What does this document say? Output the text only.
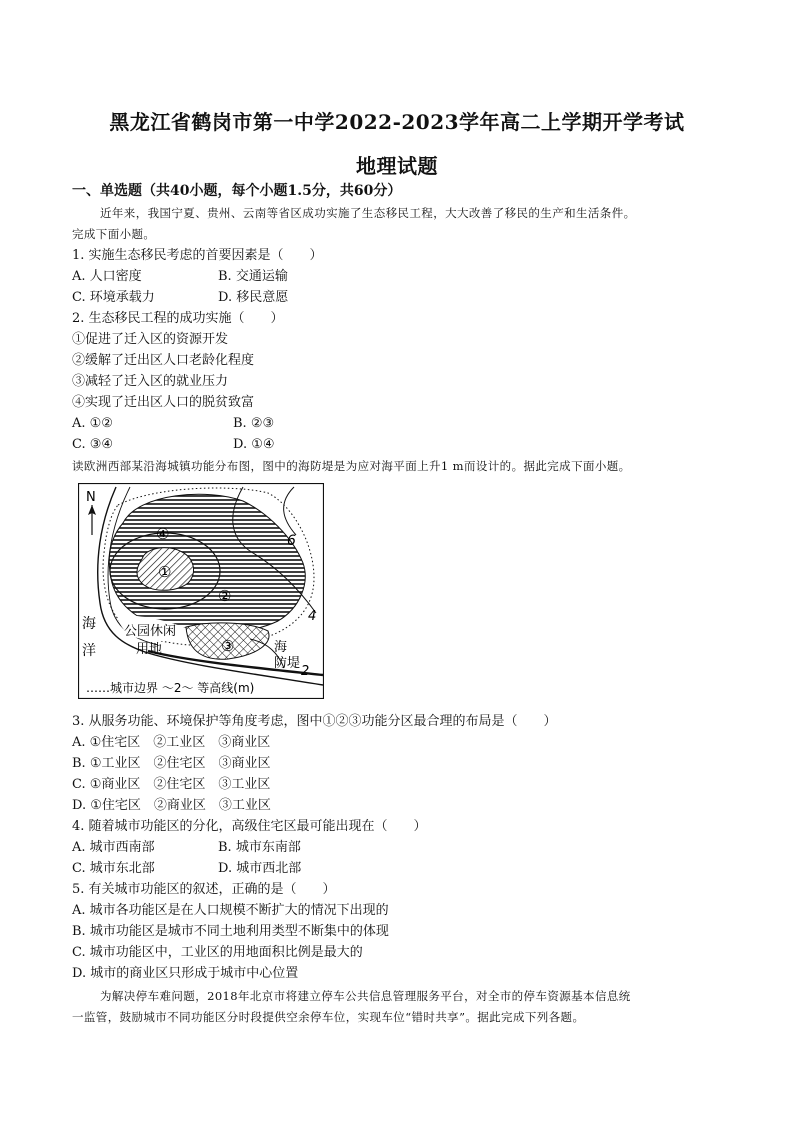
黑龙江省鹤岗市第一中学2022-2023学年高二上学期开学考试
地理试题
一、单选题（共40小题，每个小题1.5分，共60分）
近年来，我国宁夏、贵州、云南等省区成功实施了生态移民工程，大大改善了移民的生产和生活条件。
完成下面小题。
1. 实施生态移民考虑的首要因素是（　　）
A. 人口密度	B. 交通运输
C. 环境承载力	D. 移民意愿
2. 生态移民工程的成功实施（　　）
①促进了迁入区的资源开发
②缓解了迁出区人口老龄化程度
③减轻了迁入区的就业压力
④实现了迁出区人口的脱贫致富
A. ①②	B. ②③
C. ③④	D. ①④
读欧洲西部某沿海城镇功能分布图，图中的海防堤是为应对海平面上升1 m而设计的。据此完成下面小题。
N
④
①
②
③
6
4
2
海
洋
公园休闲
用地	海
防堤
……城市边界 ～2～ 等高线(m)
3. 从服务功能、环境保护等角度考虑，图中①②③功能分区最合理的布局是（　　）
A. ①住宅区　②工业区　③商业区
B. ①工业区　②住宅区　③商业区
C. ①商业区　②住宅区　③工业区
D. ①住宅区　②商业区　③工业区
4. 随着城市功能区的分化，高级住宅区最可能出现在（　　）
A. 城市西南部	B. 城市东南部
C. 城市东北部	D. 城市西北部
5. 有关城市功能区的叙述，正确的是（　　）
A. 城市各功能区是在人口规模不断扩大的情况下出现的
B. 城市功能区是城市不同土地利用类型不断集中的体现
C. 城市功能区中，工业区的用地面积比例是最大的
D. 城市的商业区只形成于城市中心位置
为解决停车难问题，2018年北京市将建立停车公共信息管理服务平台，对全市的停车资源基本信息统
一监管，鼓励城市不同功能区分时段提供空余停车位，实现车位“错时共享”。据此完成下列各题。
